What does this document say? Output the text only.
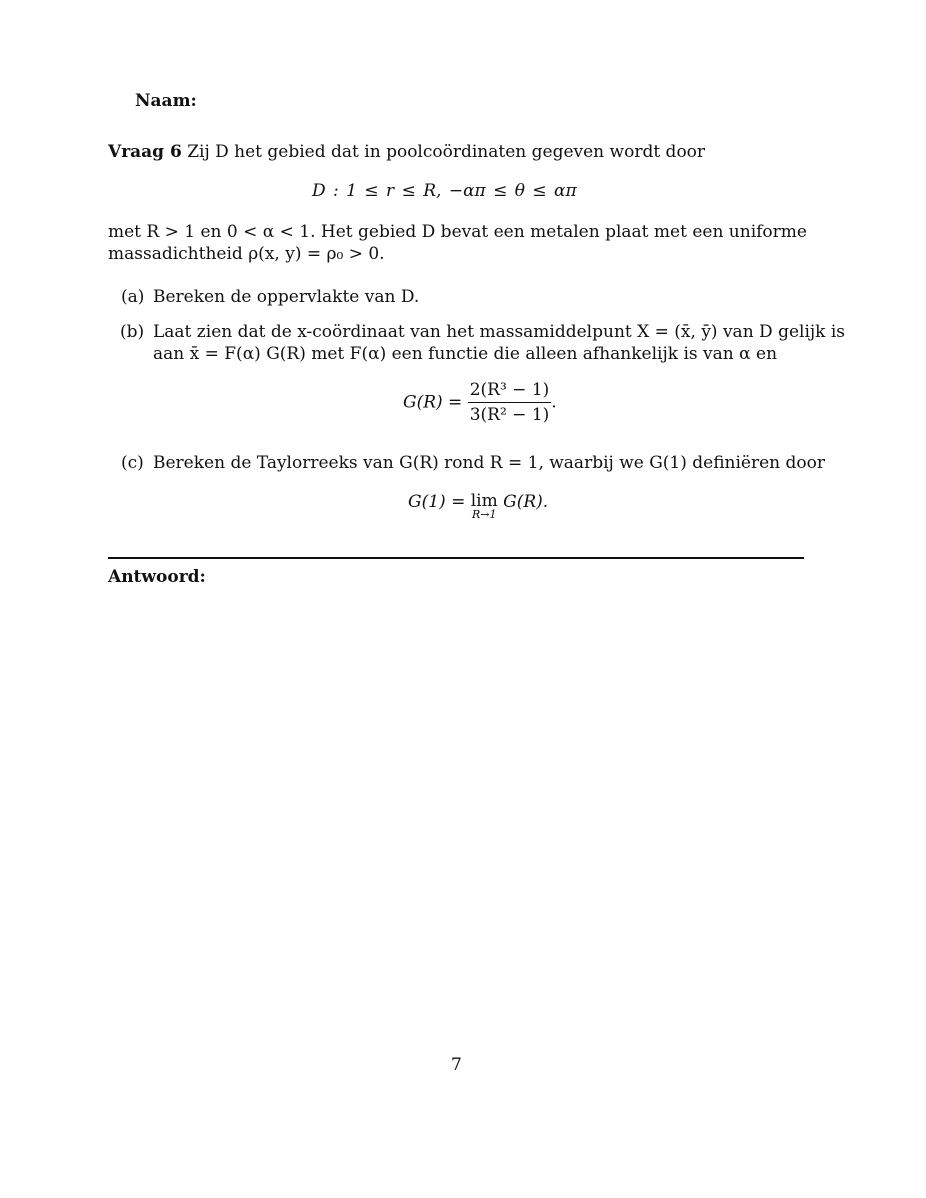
Naam:
Vraag 6 Zij D het gebied dat in poolcoördinaten gegeven wordt door
D : 1 ≤ r ≤ R, −απ ≤ θ ≤ απ
met R > 1 en 0 < α < 1. Het gebied D bevat een metalen plaat met een uniforme
massadichtheid ρ(x, y) = ρ₀ > 0.
(a) Bereken de oppervlakte van D.
(b) Laat zien dat de x-coördinaat van het massamiddelpunt X = (x̄, ȳ) van D gelijk is
aan x̄ = F(α) G(R) met F(α) een functie die alleen afhankelijk is van α en
$G(R) = \frac{\text{2(R³ − 1)}}{\text{3(R² − 1)}}$ .
(c) Bereken de Taylorreeks van G(R) rond R = 1, waarbij we G(1) definiëren door
G(1) = lim
R→1
G(R).
Antwoord:
7
